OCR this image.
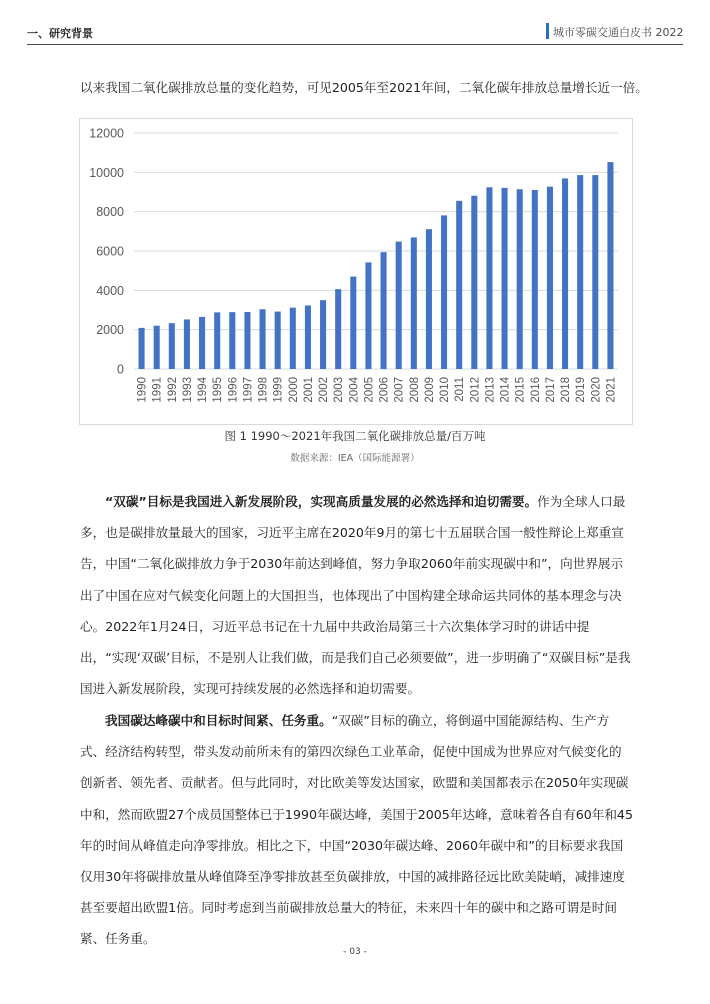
一、研究背景	城市零碳交通白皮书 2022
以来我国二氧化碳排放总量的变化趋势，可见2005年至2021年间，二氧化碳年排放总量增长近一倍。
0
2000
4000
6000
8000
10000
12000
1990 1991 1992 1993 1994 1995 1996 1997 1998 1999 2000 2001 2002 2003 2004 2005 2006 2007 2008 2009 2010 2011 2012 2013 2014 2015 2016 2017 2018 2019 2020 2021
图 1 1990～2021年我国二氧化碳排放总量/百万吨
数据来源：IEA（国际能源署）
“双碳”目标是我国进入新发展阶段，实现高质量发展的必然选择和迫切需要。作为全球人口最多，也是碳排放量最大的国家，习近平主席在2020年9月的第七十五届联合国一般性辩论上郑重宣告，中国“二氧化碳排放力争于2030年前达到峰值，努力争取2060年前实现碳中和”，向世界展示出了中国在应对气候变化问题上的大国担当，也体现出了中国构建全球命运共同体的基本理念与决心。2022年1月24日，习近平总书记在十九届中共政治局第三十六次集体学习时的讲话中提出，“实现‘双碳’目标，不是别人让我们做，而是我们自己必须要做”，进一步明确了“双碳目标”是我国进入新发展阶段，实现可持续发展的必然选择和迫切需要。
我国碳达峰碳中和目标时间紧、任务重。“双碳”目标的确立，将倒逼中国能源结构、生产方式、经济结构转型，带头发动前所未有的第四次绿色工业革命，促使中国成为世界应对气候变化的创新者、领先者、贡献者。但与此同时，对比欧美等发达国家，欧盟和美国都表示在2050年实现碳中和，然而欧盟27个成员国整体已于1990年碳达峰，美国于2005年达峰，意味着各自有60年和45年的时间从峰值走向净零排放。相比之下，中国“2030年碳达峰、2060年碳中和”的目标要求我国仅用30年将碳排放量从峰值降至净零排放甚至负碳排放，中国的减排路径远比欧美陡峭，减排速度甚至要超出欧盟1倍。同时考虑到当前碳排放总量大的特征，未来四十年的碳中和之路可谓是时间紧、任务重。
- 03 -
